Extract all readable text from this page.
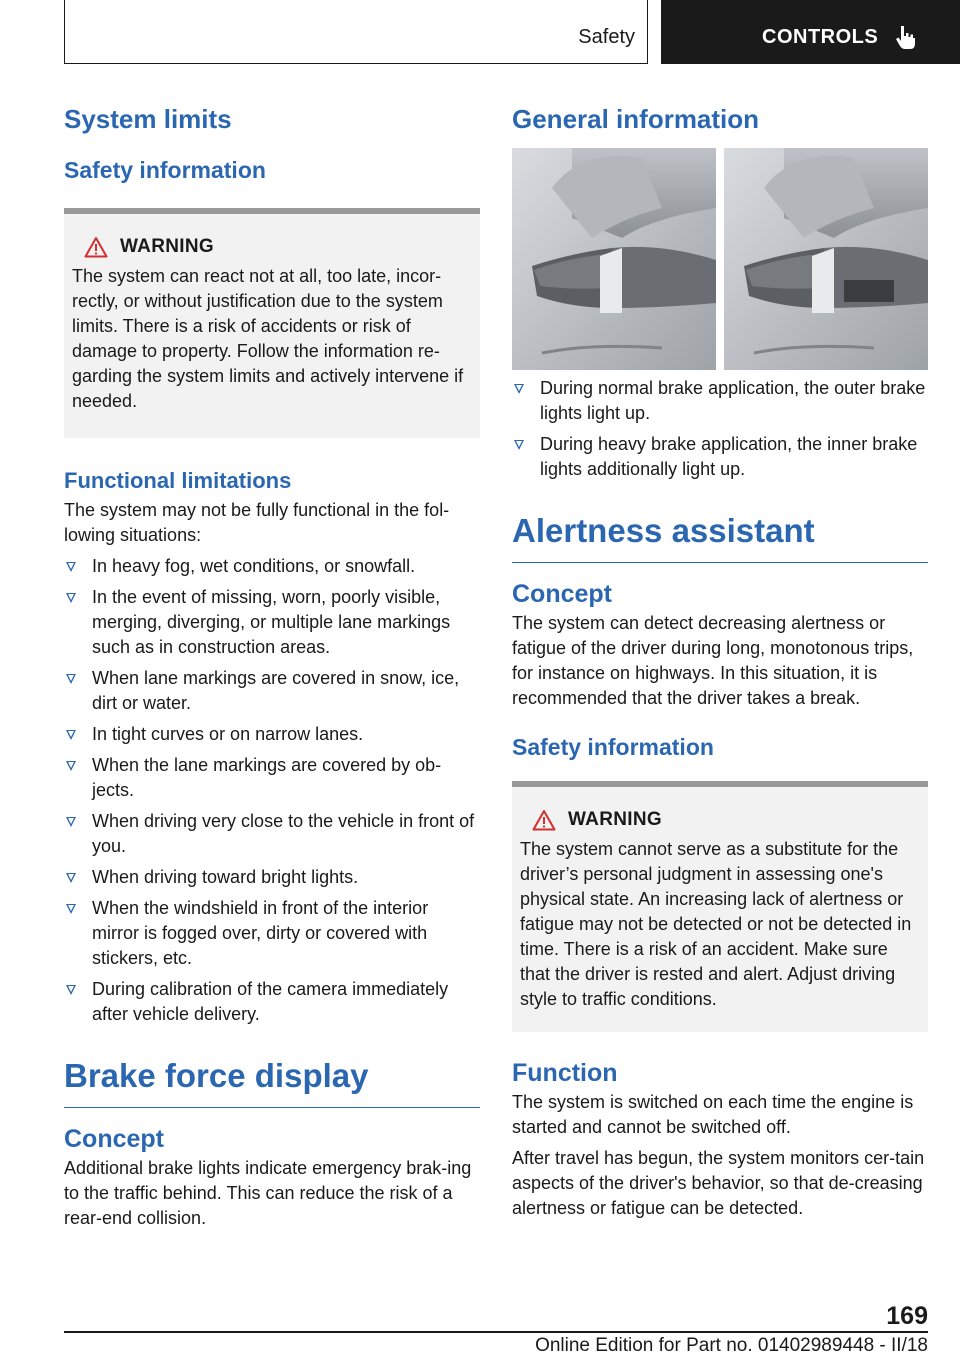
Safety	CONTROLS
System limits
Safety information
WARNING

The system can react not at all, too late, incor-rectly, or without justification due to the system limits. There is a risk of accidents or risk of damage to property. Follow the information re-garding the system limits and actively intervene if needed.

Functional limitations

The system may not be fully functional in the fol-lowing situations:

In heavy fog, wet conditions, or snowfall.
In the event of missing, worn, poorly visible, merging, diverging, or multiple lane markings such as in construction areas.
When lane markings are covered in snow, ice, dirt or water.
In tight curves or on narrow lanes.
When the lane markings are covered by ob-jects.
When driving very close to the vehicle in front of you.
When driving toward bright lights.
When the windshield in front of the interior mirror is fogged over, dirty or covered with stickers, etc.
During calibration of the camera immediately after vehicle delivery.
Brake force display
Concept

Additional brake lights indicate emergency brak-ing to the traffic behind. This can reduce the risk of a rear-end collision.

General information
During normal brake application, the outer brake lights light up.
During heavy brake application, the inner brake lights additionally light up.
Alertness assistant
Concept

The system can detect decreasing alertness or fatigue of the driver during long, monotonous trips, for instance on highways. In this situation, it is recommended that the driver takes a break.

Safety information
WARNING

The system cannot serve as a substitute for the driver’s personal judgment in assessing one's physical state. An increasing lack of alertness or fatigue may not be detected or not be detected in time. There is a risk of an accident. Make sure that the driver is rested and alert. Adjust driving style to traffic conditions.

Function

The system is switched on each time the engine is started and cannot be switched off.

After travel has begun, the system monitors cer-tain aspects of the driver's behavior, so that de-creasing alertness or fatigue can be detected.

169
Online Edition for Part no. 01402989448 - II/18
